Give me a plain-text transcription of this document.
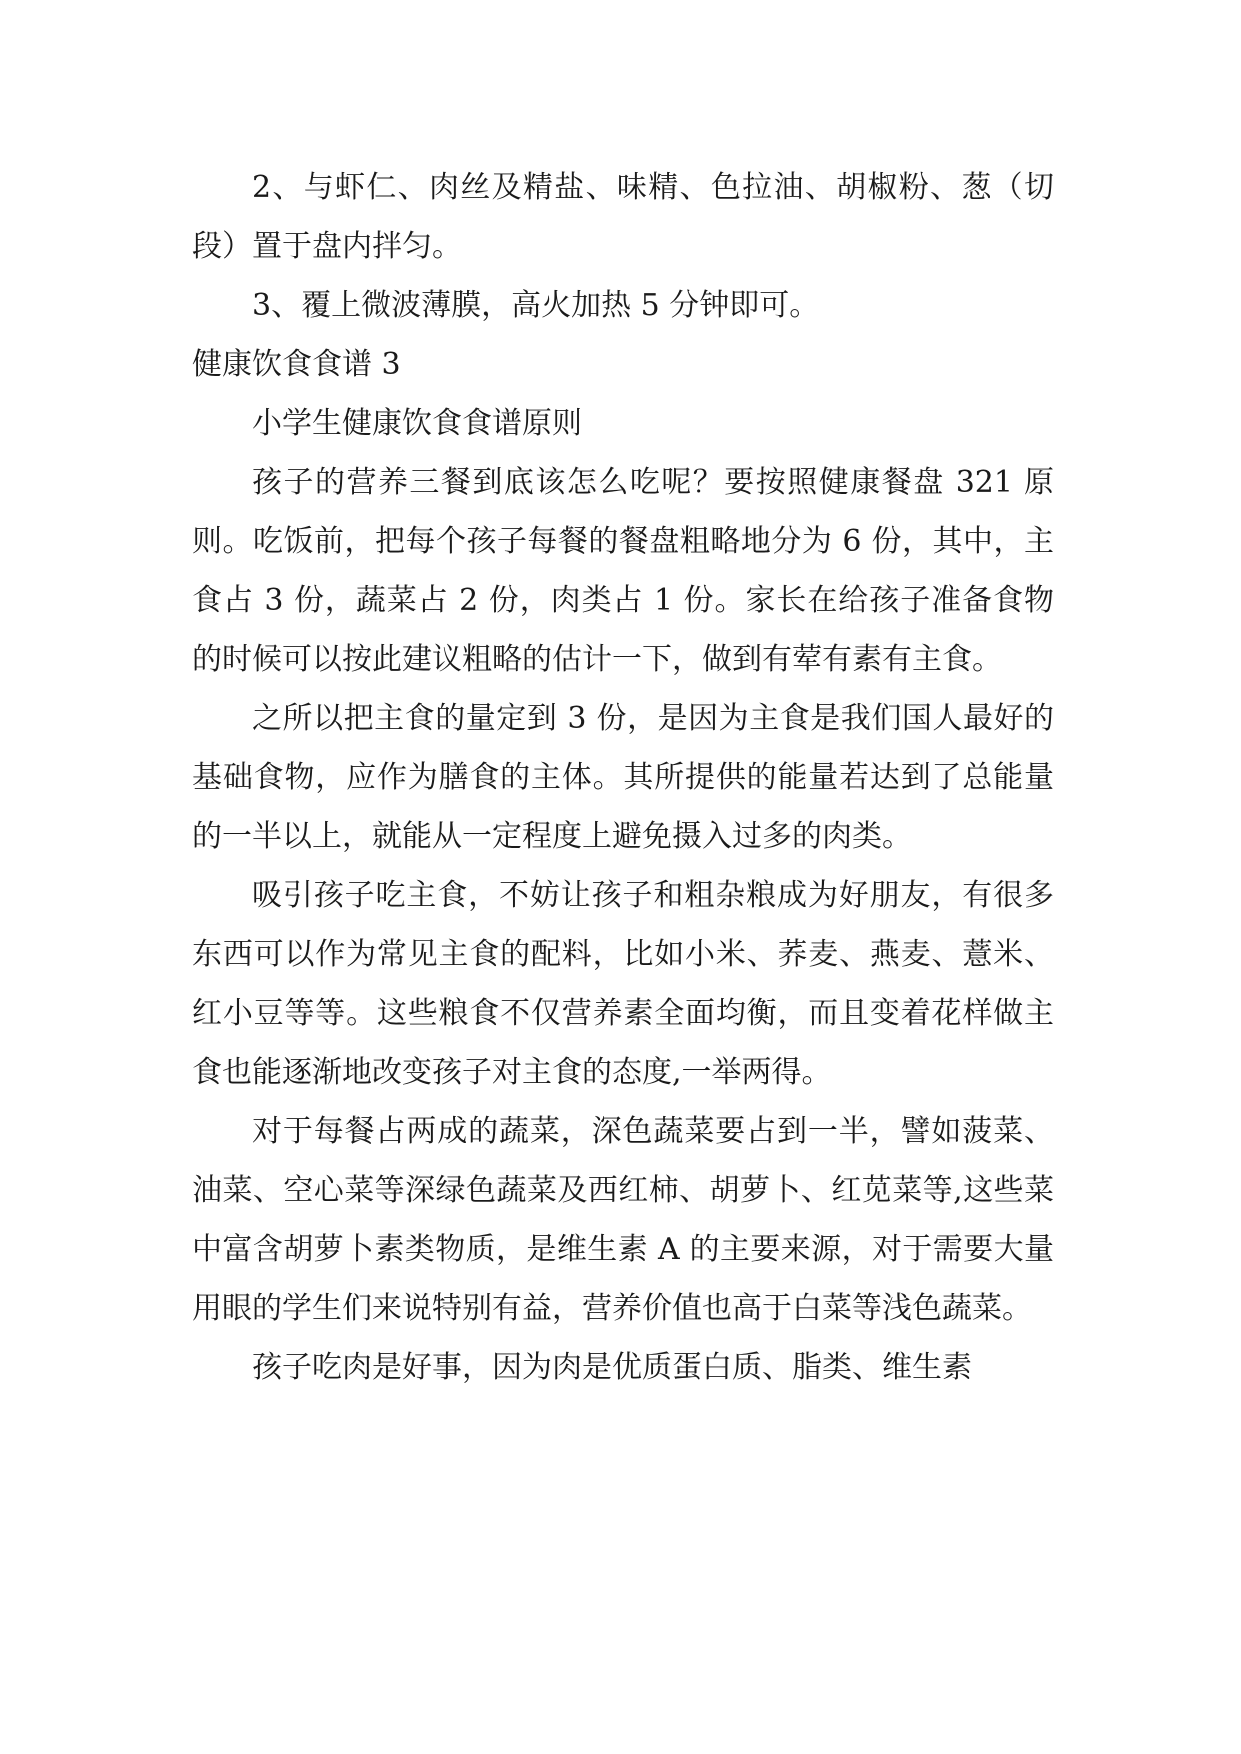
2、与虾仁、肉丝及精盐、味精、色拉油、胡椒粉、葱（切段）置于盘内拌匀。

3、覆上微波薄膜，高火加热 5 分钟即可。

健康饮食食谱 3

小学生健康饮食食谱原则

孩子的营养三餐到底该怎么吃呢？要按照健康餐盘 321 原则。吃饭前，把每个孩子每餐的餐盘粗略地分为 6 份，其中，主食占 3 份，蔬菜占 2 份，肉类占 1 份。家长在给孩子准备食物的时候可以按此建议粗略的估计一下，做到有荤有素有主食。

之所以把主食的量定到 3 份，是因为主食是我们国人最好的基础食物，应作为膳食的主体。其所提供的能量若达到了总能量的一半以上，就能从一定程度上避免摄入过多的肉类。

吸引孩子吃主食，不妨让孩子和粗杂粮成为好朋友，有很多东西可以作为常见主食的配料，比如小米、荞麦、燕麦、薏米、红小豆等等。这些粮食不仅营养素全面均衡，而且变着花样做主食也能逐渐地改变孩子对主食的态度,一举两得。

对于每餐占两成的蔬菜，深色蔬菜要占到一半，譬如菠菜、油菜、空心菜等深绿色蔬菜及西红柿、胡萝卜、红苋菜等,这些菜中富含胡萝卜素类物质，是维生素 A 的主要来源，对于需要大量用眼的学生们来说特别有益，营养价值也高于白菜等浅色蔬菜。

孩子吃肉是好事，因为肉是优质蛋白质、脂类、维生素
